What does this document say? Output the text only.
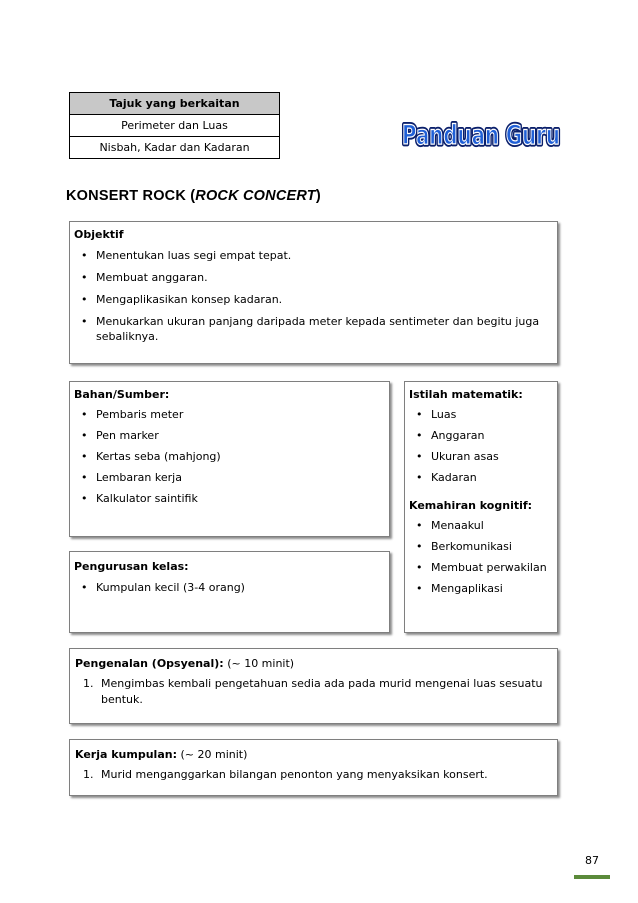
Tajuk yang berkaitan
Perimeter dan Luas
Nisbah, Kadar dan Kadaran	Panduan Guru
Panduan Guru
KONSERT ROCK (ROCK CONCERT)
Objektif
• Menentukan luas segi empat tepat.
• Membuat anggaran.
• Mengaplikasikan konsep kadaran.
• Menukarkan ukuran panjang daripada meter kepada sentimeter dan begitu juga sebaliknya.
Bahan/Sumber:
• Pembaris meter
• Pen marker
• Kertas seba (mahjong)
• Lembaran kerja
• Kalkulator saintifik
Pengurusan kelas:
• Kumpulan kecil (3-4 orang)
Istilah matematik:
• Luas
• Anggaran
• Ukuran asas
• Kadaran
Kemahiran kognitif:
• Menaakul
• Berkomunikasi
• Membuat perwakilan
• Mengaplikasi
Pengenalan (Opsyenal): (~ 10 minit)
1. Mengimbas kembali pengetahuan sedia ada pada murid mengenai luas sesuatu bentuk.
Kerja kumpulan: (~ 20 minit)
1. Murid menganggarkan bilangan penonton yang menyaksikan konsert.
87
